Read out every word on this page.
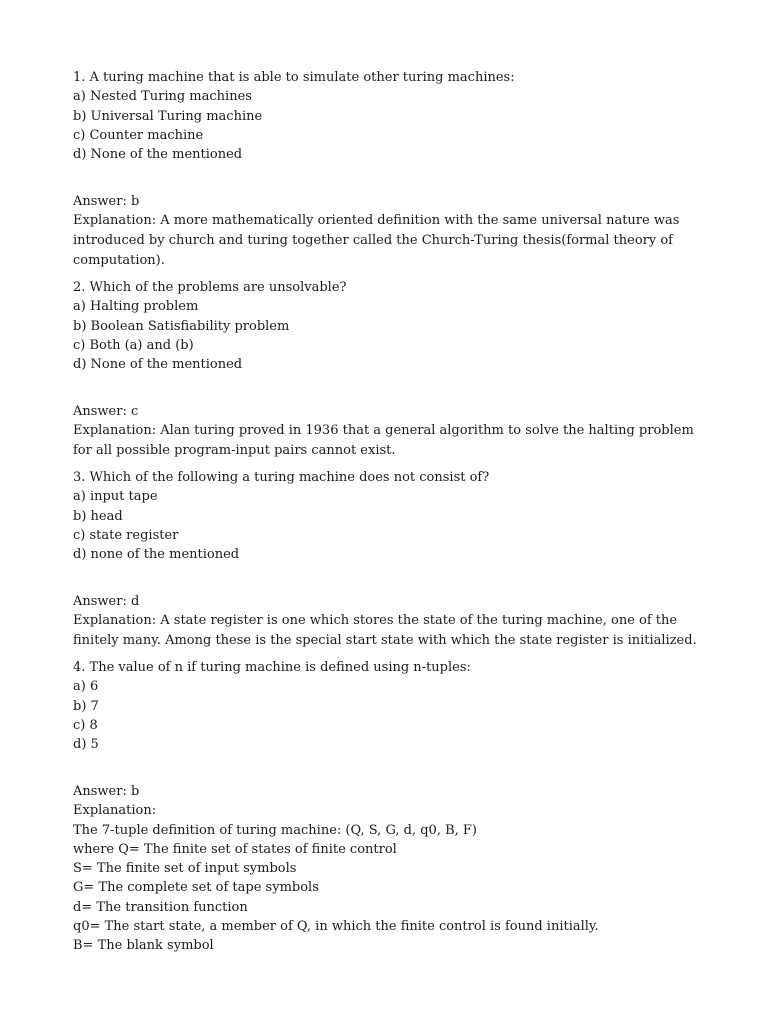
1. A turing machine that is able to simulate other turing machines:
a) Nested Turing machines
b) Universal Turing machine
c) Counter machine
d) None of the mentioned
Answer: b
Explanation: A more mathematically oriented definition with the same universal nature was introduced by church and turing together called the Church-Turing thesis(formal theory of computation).
2. Which of the problems are unsolvable?
a) Halting problem
b) Boolean Satisfiability problem
c) Both (a) and (b)
d) None of the mentioned
Answer: c
Explanation: Alan turing proved in 1936 that a general algorithm to solve the halting problem for all possible program-input pairs cannot exist.
3. Which of the following a turing machine does not consist of?
a) input tape
b) head
c) state register
d) none of the mentioned
Answer: d
Explanation: A state register is one which stores the state of the turing machine, one of the finitely many. Among these is the special start state with which the state register is initialized.
4. The value of n if turing machine is defined using n-tuples:
a) 6
b) 7
c) 8
d) 5
Answer: b
Explanation:
The 7-tuple definition of turing machine: (Q, S, G, d, q0, B, F)
where Q= The finite set of states of finite control
S= The finite set of input symbols
G= The complete set of tape symbols
d= The transition function
q0= The start state, a member of Q, in which the finite control is found initially.
B= The blank symbol
